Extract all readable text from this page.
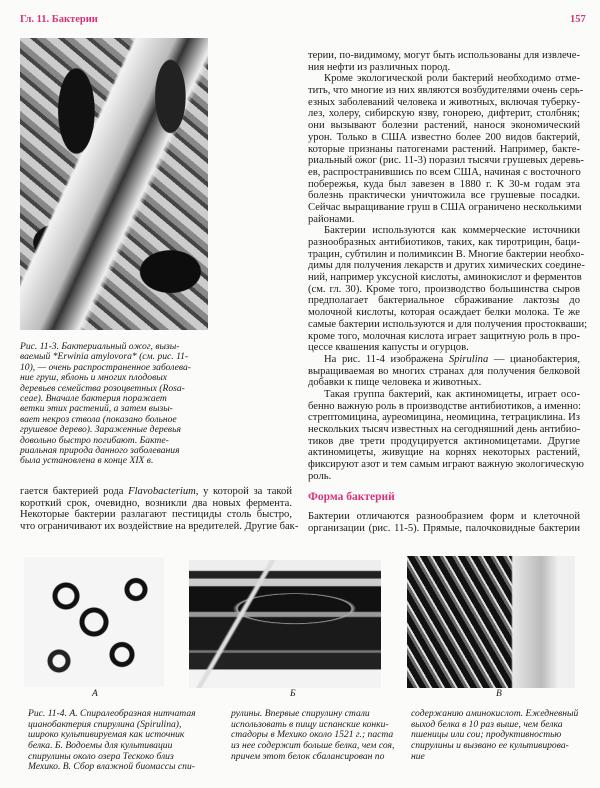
Гл. 11. Бактерии	157
Рис. 11-3. Бактериальный ожог, вызы-
ваемый *Erwinia amylovora* (см. рис. 11-
10), — очень распространенное заболева-
ние груш, яблонь и многих плодовых
деревьев семейства розоцветных (Rosa-
ceae). Вначале бактерия поражает
ветки этих растений, а затем вызы-
вает некроз ствола (показано больное
грушевое дерево). Зараженные деревья
довольно быстро погибают. Бакте-
риальная природа данного заболевания
была установлена в конце XIX в.
терии, по-видимому, могут быть использованы для извлече-
ния нефти из различных пород.
Кроме экологической роли бактерий необходимо отме-
тить, что многие из них являются возбудителями очень серь-
езных заболеваний человека и животных, включая туберку-
лез, холеру, сибирскую язву, гонорею, дифтерит, столбняк;
они вызывают болезни растений, нанося экономический
урон. Только в США известно более 200 видов бактерий,
которые признаны патогенами растений. Например, бакте-
риальный ожог (рис. 11-3) поразил тысячи грушевых деревь-
ев, распространившись по всем США, начиная с восточного
побережья, куда был завезен в 1880 г. К 30-м годам эта
болезнь практически уничтожила все грушевые посадки.
Сейчас выращивание груш в США ограничено несколькими
районами.
Бактерии используются как коммерческие источники
разнообразных антибиотиков, таких, как тиротрицин, баци-
трацин, субтилин и полимиксин B. Многие бактерии необхо-
димы для получения лекарств и других химических соедине-
ний, например уксусной кислоты, аминокислот и ферментов
(см. гл. 30). Кроме того, производство большинства сыров
предполагает бактериальное сбраживание лактозы до
молочной кислоты, которая осаждает белки молока. Те же
самые бактерии используются и для получения простокваши;
кроме того, молочная кислота играет защитную роль в про-
цессе квашения капусты и огурцов.
На рис. 11-4 изображена Spirulina — цианобактерия,
выращиваемая во многих странах для получения белковой
добавки к пище человека и животных.
Такая группа бактерий, как актиномицеты, играет осо-
бенно важную роль в производстве антибиотиков, а именно:
стрептомицина, ауреомицина, неомицина, тетрациклина. Из
нескольких тысяч известных на сегодняшний день антибио-
тиков две трети продуцируется актиномицетами. Другие
актиномицеты, живущие на корнях некоторых растений,
фиксируют азот и тем самым играют важную экологическую
роль.
гается бактерией рода Flavobacterium, у которой за такой
короткий срок, очевидно, возникли два новых фермента.
Некоторые бактерии разлагают пестициды столь быстро,
что ограничивают их воздействие на вредителей. Другие бак-
Форма бактерий
Бактерии отличаются разнообразием форм и клеточной
организации (рис. 11-5). Прямые, палочковидные бактерии
А	Б	В
Рис. 11-4. А. Спиралеобразная нитчатая
цианобактерия спирулина (Spirulina),
широко культивируемая как источник
белка. Б. Водоемы для культивации
спирулины около озера Тескоко близ
Мехико. В. Сбор влажной биомассы спи-
рулины. Впервые спирулину стали
использовать в пищу испанские конки-
стадоры в Мехико около 1521 г.; паста
из нее содержит больше белка, чем соя,
причем этот белок сбалансирован по
содержанию аминокислот. Ежедневный
выход белка в 10 раз выше, чем белка
пшеницы или сои; продуктивностью
спирулины и вызвано ее культивирова-
ние
